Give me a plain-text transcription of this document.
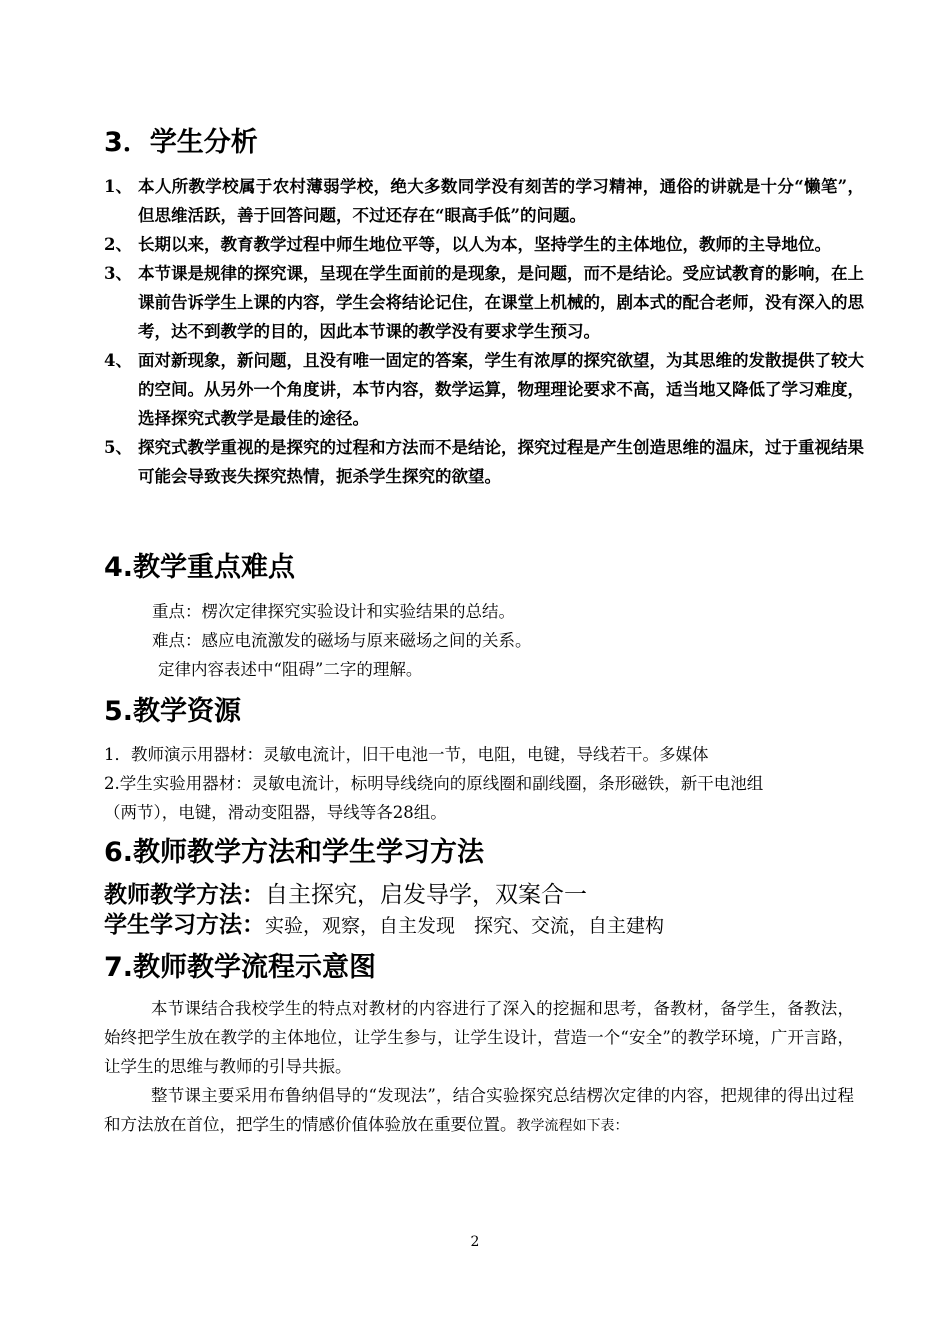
3．学生分析
1、 本人所教学校属于农村薄弱学校，绝大多数同学没有刻苦的学习精神，通俗的讲就是十分“懒笔”，但思维活跃，善于回答问题，不过还存在“眼高手低”的问题。
2、 长期以来，教育教学过程中师生地位平等，以人为本，坚持学生的主体地位，教师的主导地位。
3、 本节课是规律的探究课，呈现在学生面前的是现象，是问题，而不是结论。受应试教育的影响，在上课前告诉学生上课的内容，学生会将结论记住，在课堂上机械的，剧本式的配合老师，没有深入的思考，达不到教学的目的，因此本节课的教学没有要求学生预习。
4、 面对新现象，新问题，且没有唯一固定的答案，学生有浓厚的探究欲望，为其思维的发散提供了较大的空间。从另外一个角度讲，本节内容，数学运算，物理理论要求不高，适当地又降低了学习难度，选择探究式教学是最佳的途径。
5、 探究式教学重视的是探究的过程和方法而不是结论，探究过程是产生创造思维的温床，过于重视结果可能会导致丧失探究热情，扼杀学生探究的欲望。
4.教学重点难点
重点：楞次定律探究实验设计和实验结果的总结。
难点：感应电流激发的磁场与原来磁场之间的关系。
定律内容表述中“阻碍”二字的理解。
5.教学资源
1．教师演示用器材：灵敏电流计，旧干电池一节，电阻，电键，导线若干。多媒体
2.学生实验用器材：灵敏电流计，标明导线绕向的原线圈和副线圈，条形磁铁，新干电池组
（两节），电键，滑动变阻器，导线等各28组。
6.教师教学方法和学生学习方法
教师教学方法：自主探究，启发导学，双案合一
学生学习方法：实验，观察，自主发现　探究、交流，自主建构
7.教师教学流程示意图

本节课结合我校学生的特点对教材的内容进行了深入的挖掘和思考，备教材，备学生，备教法，始终把学生放在教学的主体地位，让学生参与，让学生设计，营造一个“安全”的教学环境，广开言路，让学生的思维与教师的引导共振。

整节课主要采用布鲁纳倡导的“发现法”，结合实验探究总结楞次定律的内容，把规律的得出过程和方法放在首位，把学生的情感价值体验放在重要位置。教学流程如下表：

2
